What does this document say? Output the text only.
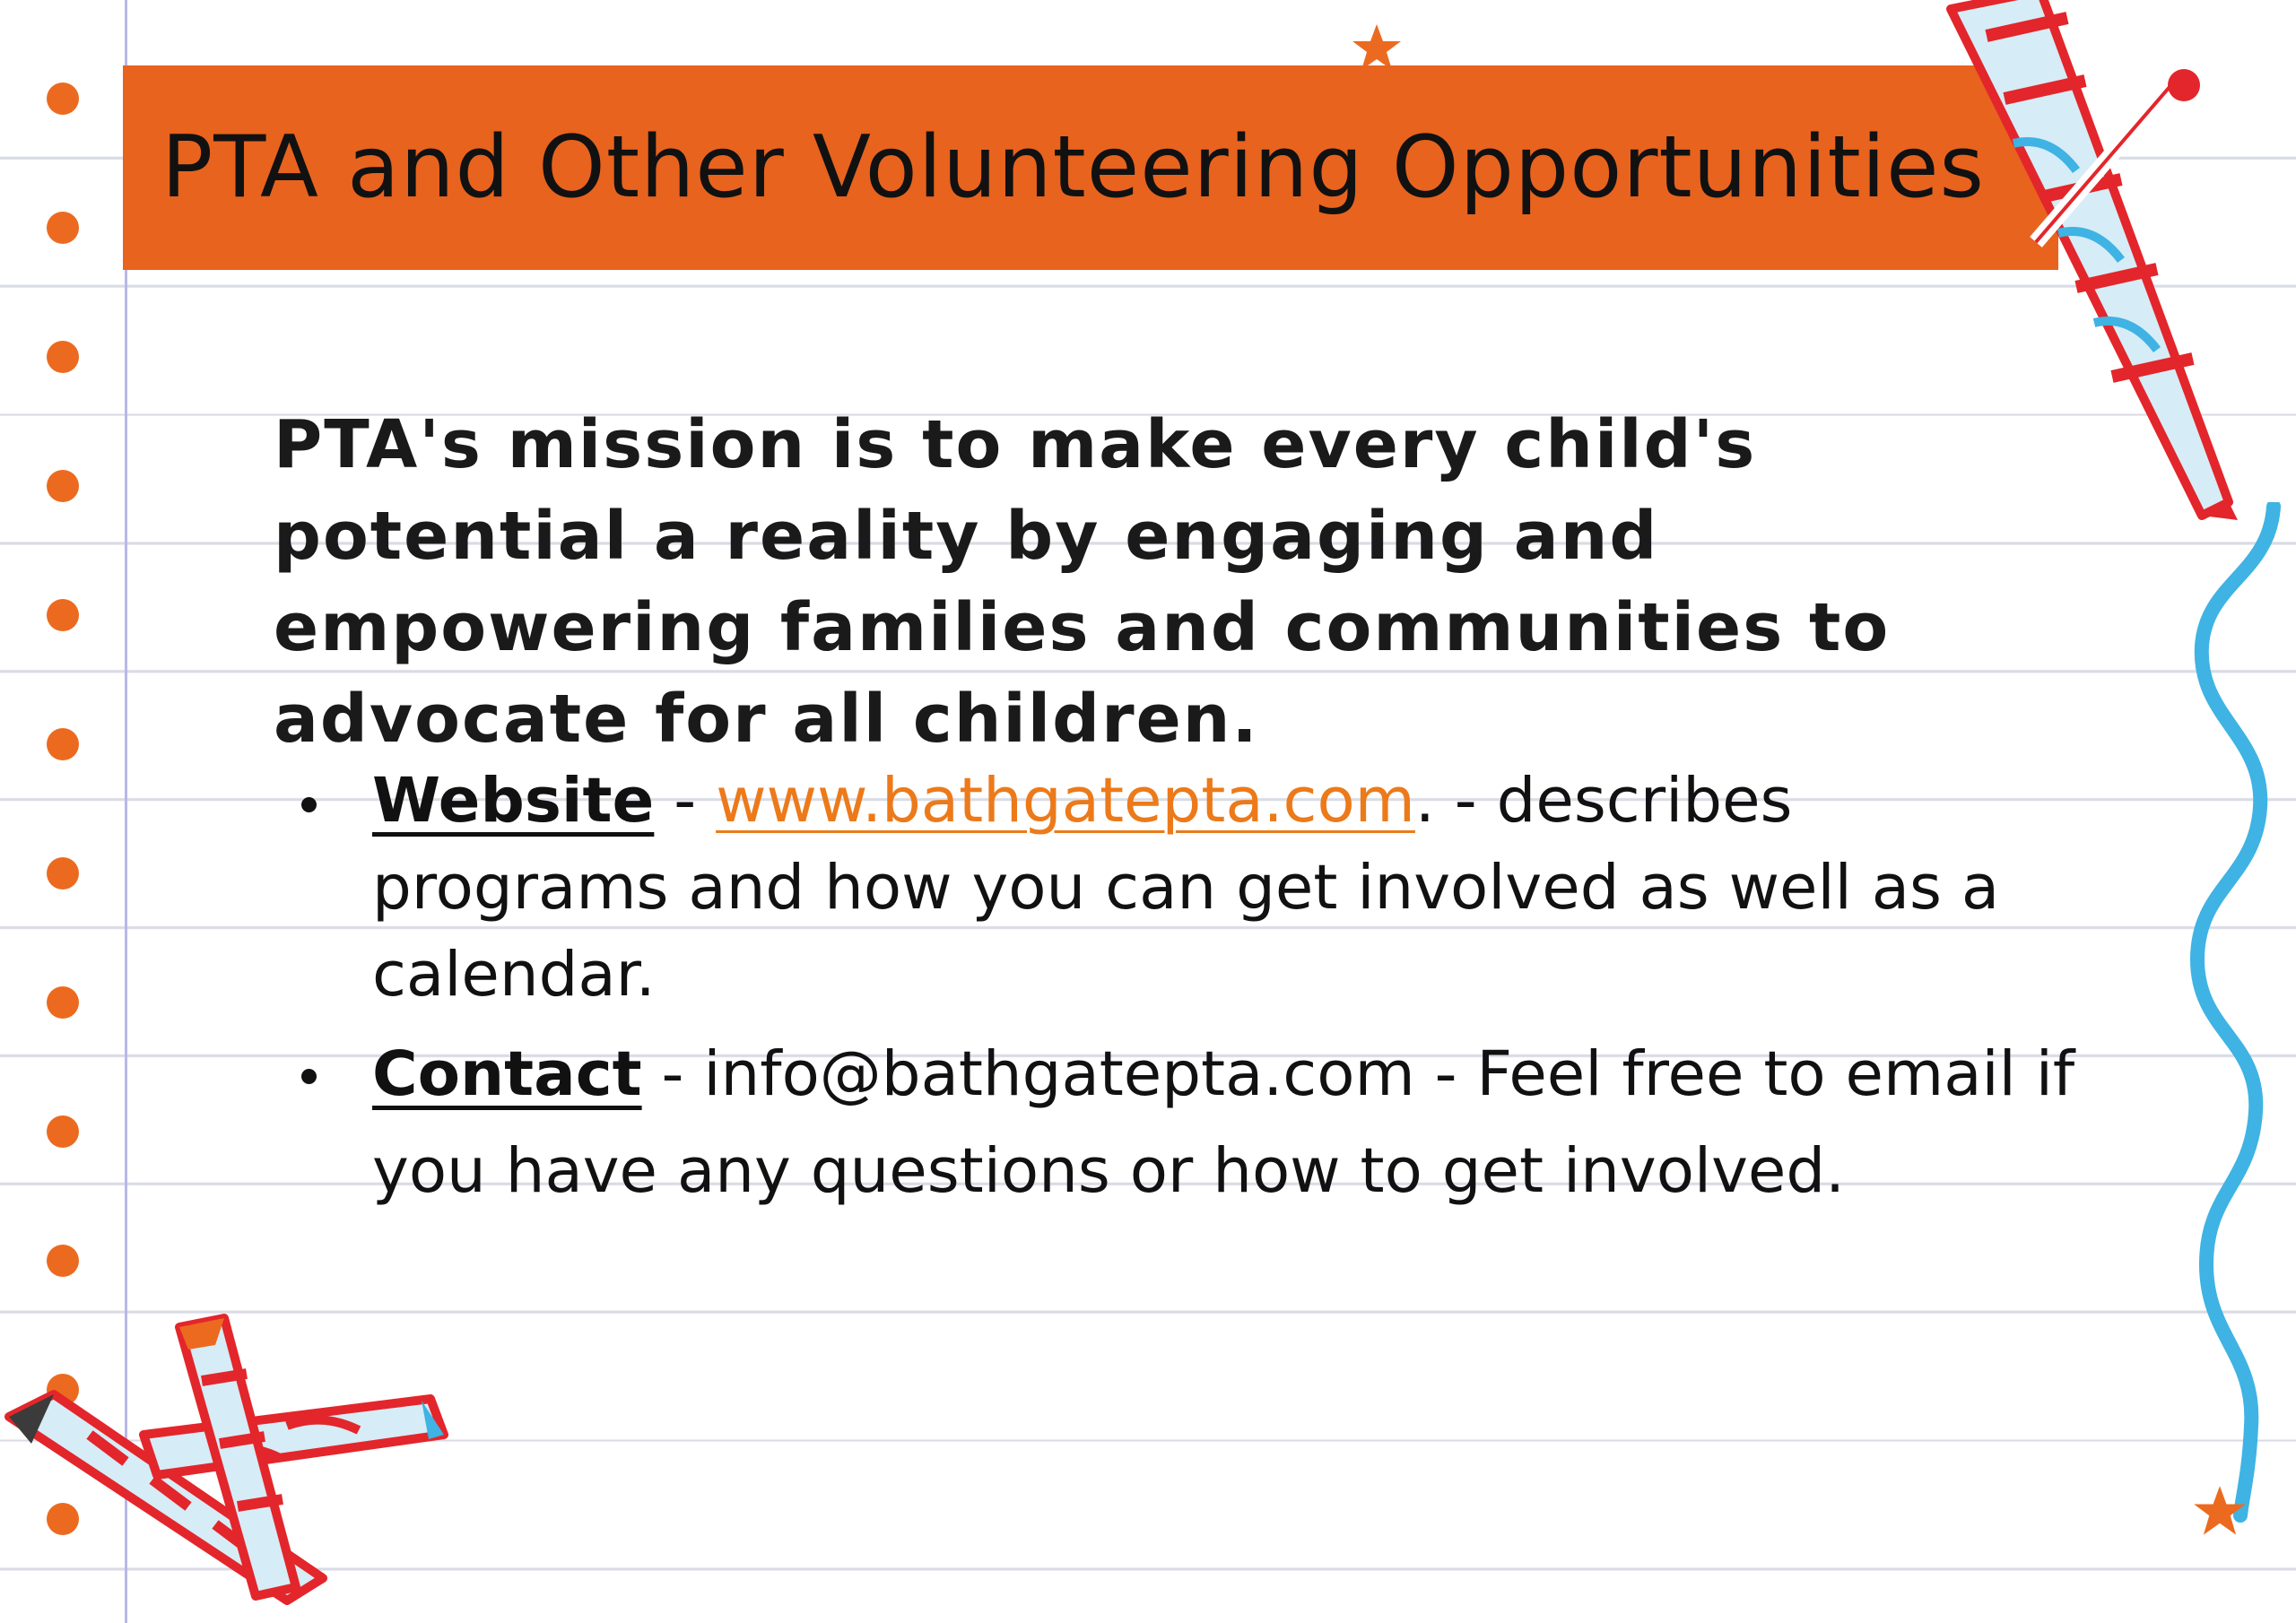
PTA and Other Volunteering Opportunities
PTA's mission is to make every child's potential a reality by engaging and empowering families and communities to advocate for all children.
Website - www.bathgatepta.com. - describes programs and how you can get involved as well as a calendar.
Contact - info@bathgatepta.com - Feel free to email if you have any questions or how to get involved.
